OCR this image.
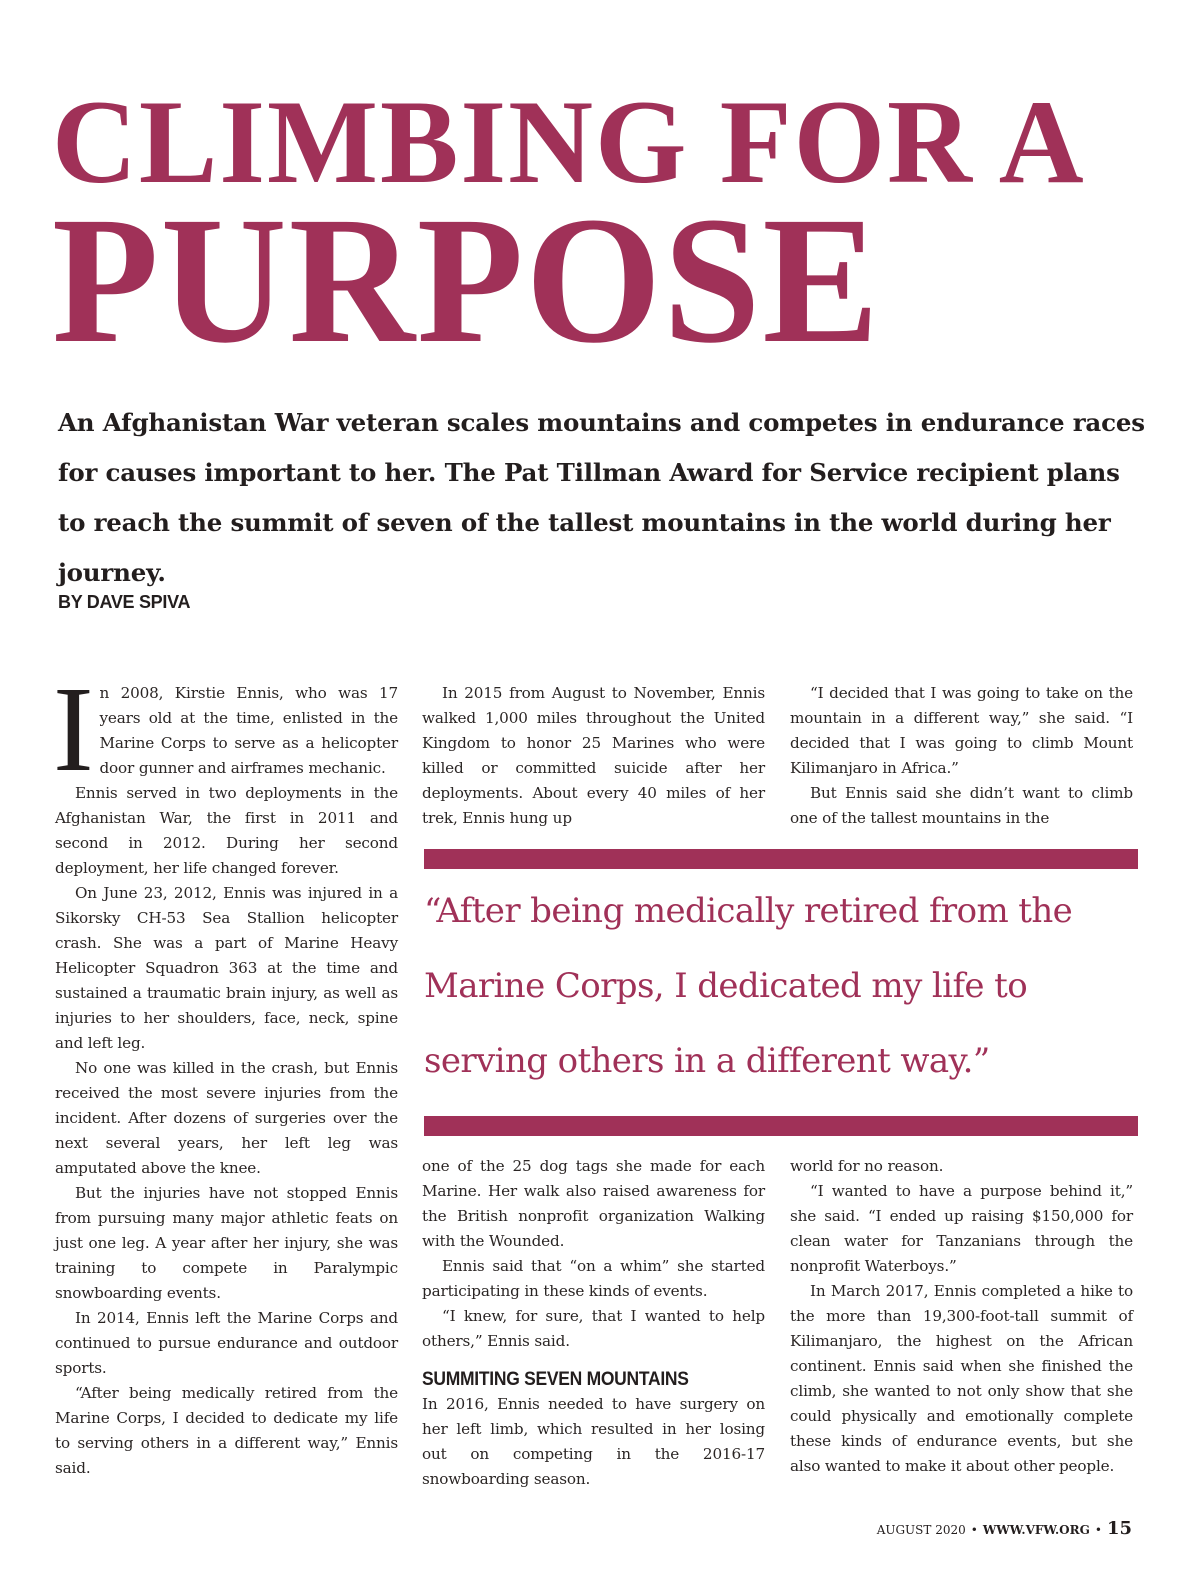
CLIMBING FOR A
PURPOSE

An Afghanistan War veteran scales mountains and competes in endurance races for causes important to her. The Pat Tillman Award for Service recipient plans to reach the summit of seven of the tallest mountains in the world during her journey.

BY DAVE SPIVA

In 2008, Kirstie Ennis, who was 17 years old at the time, enlisted in the Marine Corps to serve as a helicopter door gunner and airframes mechanic.

Ennis served in two deployments in the Afghanistan War, the first in 2011 and second in 2012. During her second deployment, her life changed forever.

On June 23, 2012, Ennis was injured in a Sikorsky CH-53 Sea Stallion helicopter crash. She was a part of Marine Heavy Helicopter Squadron 363 at the time and sustained a traumatic brain injury, as well as injuries to her shoulders, face, neck, spine and left leg.

No one was killed in the crash, but Ennis received the most severe injuries from the incident. After dozens of surgeries over the next several years, her left leg was amputated above the knee.

But the injuries have not stopped Ennis from pursuing many major athletic feats on just one leg. A year after her injury, she was training to compete in Paralympic snowboarding events.

In 2014, Ennis left the Marine Corps and continued to pursue endurance and outdoor sports.

“After being medically retired from the Marine Corps, I decided to dedicate my life to serving others in a different way,” Ennis said.

In 2015 from August to November, Ennis walked 1,000 miles throughout the United Kingdom to honor 25 Marines who were killed or committed suicide after her deployments. About every 40 miles of her trek, Ennis hung up

“I decided that I was going to take on the mountain in a different way,” she said. “I decided that I was going to climb Mount Kilimanjaro in Africa.”

But Ennis said she didn’t want to climb one of the tallest mountains in the

“After being medically retired from the Marine Corps, I dedicated my life to serving others in a different way.”

one of the 25 dog tags she made for each Marine. Her walk also raised awareness for the British nonprofit organization Walking with the Wounded.

Ennis said that “on a whim” she started participating in these kinds of events.

“I knew, for sure, that I wanted to help others,” Ennis said.

SUMMITING SEVEN MOUNTAINS

In 2016, Ennis needed to have surgery on her left limb, which resulted in her losing out on competing in the 2016-17 snowboarding season.

world for no reason.

“I wanted to have a purpose behind it,” she said. “I ended up raising $150,000 for clean water for Tanzanians through the nonprofit Waterboys.”

In March 2017, Ennis completed a hike to the more than 19,300-foot-tall summit of Kilimanjaro, the highest on the African continent. Ennis said when she finished the climb, she wanted to not only show that she could physically and emotionally complete these kinds of endurance events, but she also wanted to make it about other people.

AUGUST 2020 • WWW.VFW.ORG • 15
